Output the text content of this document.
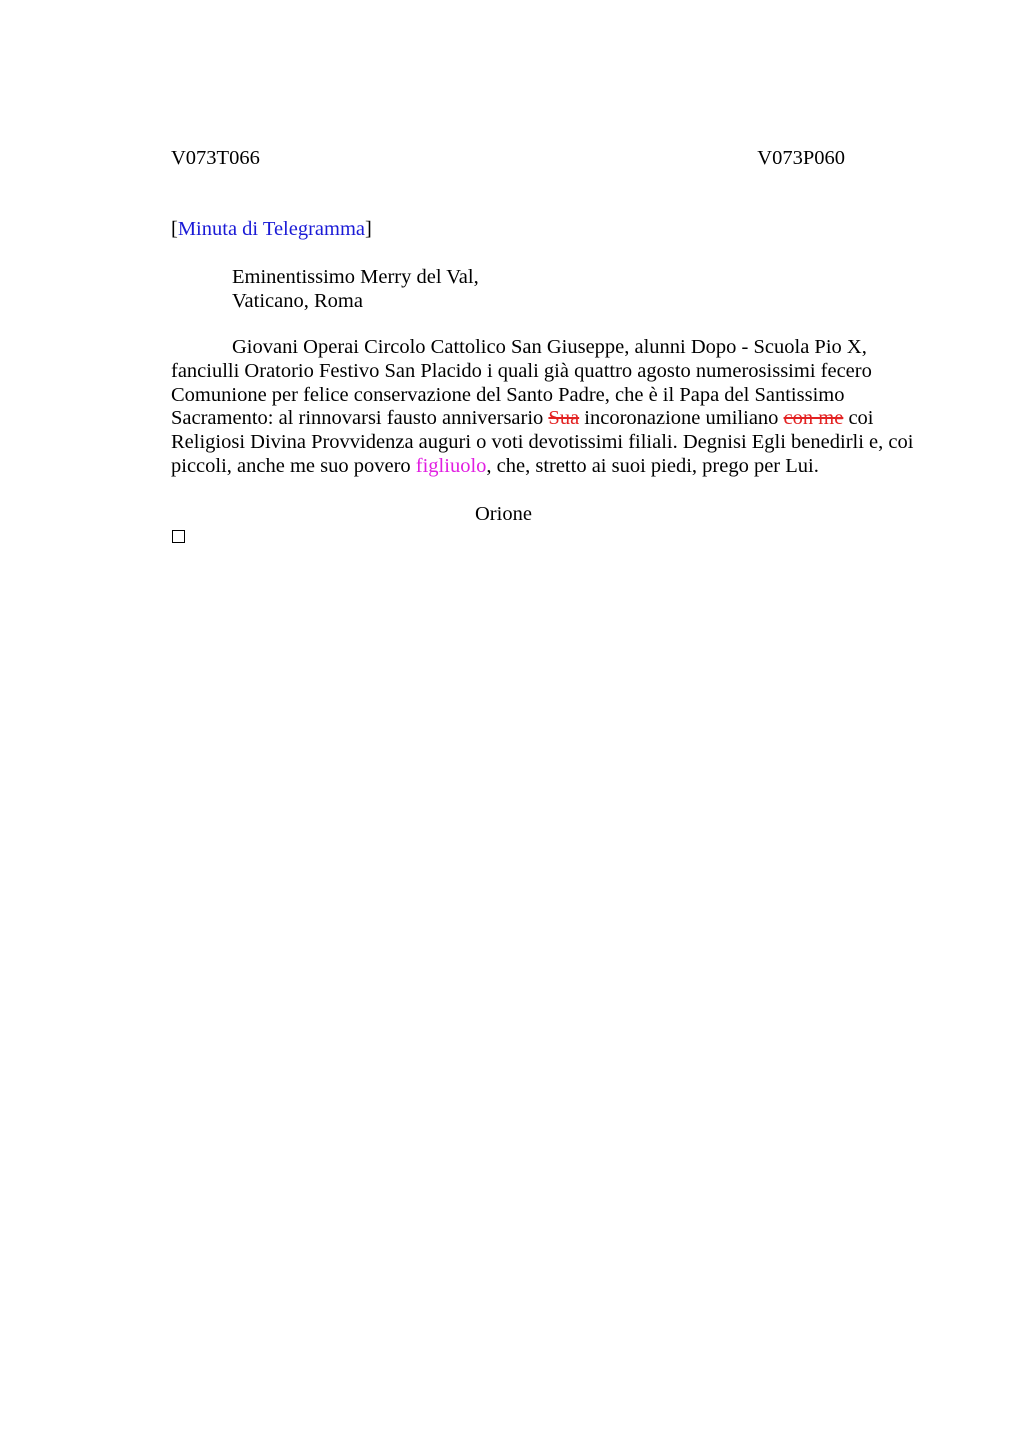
V073T066	V073P060
[Minuta di Telegramma]
Eminentissimo Merry del Val,
Vaticano, Roma
Giovani Operai Circolo Cattolico San Giuseppe, alunni Dopo - Scuola Pio X, fanciulli Oratorio Festivo San Placido i quali già quattro agosto numerosissimi fecero Comunione per felice conservazione del Santo Padre, che è il Papa del Santissimo Sacramento: al rinnovarsi fausto anniversario Sua incoronazione umiliano con me coi Religiosi Divina Provvidenza auguri o voti devotissimi filiali. Degnisi Egli benedirli e, coi piccoli, anche me suo povero figliuolo, che, stretto ai suoi piedi, prego per Lui.
Orione
